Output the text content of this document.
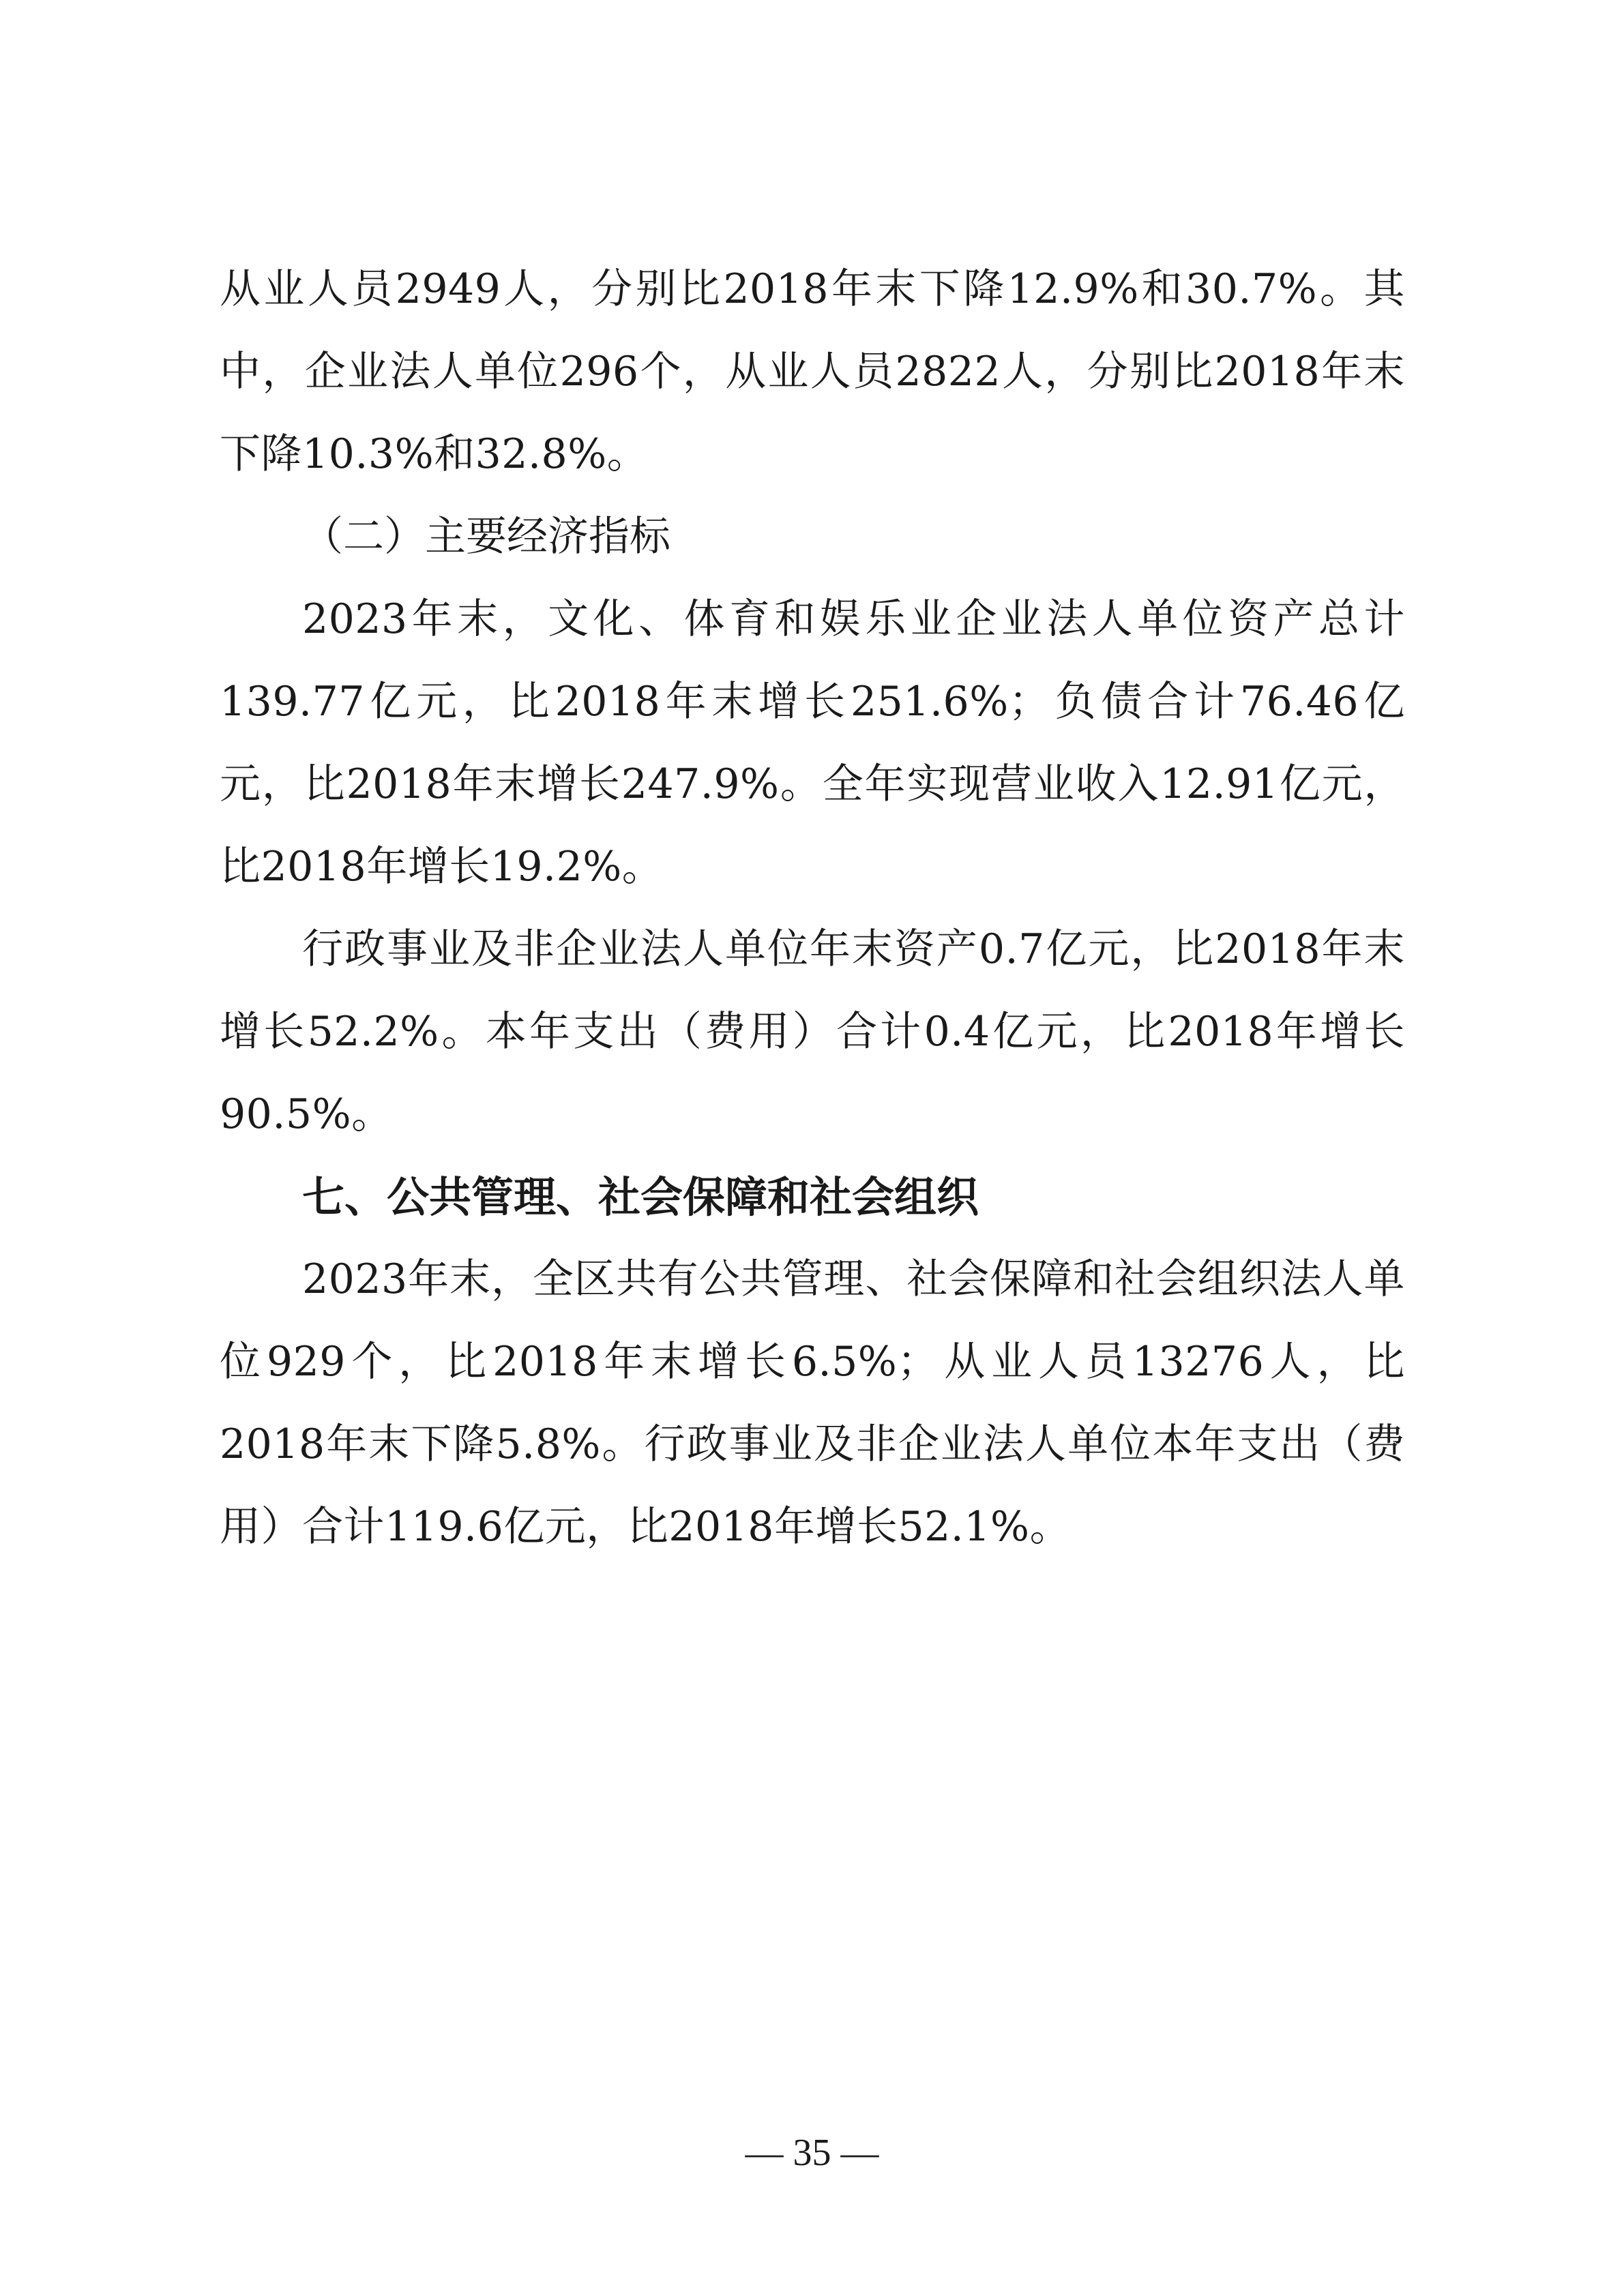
从业人员2949人，分别比2018年末下降12.9%和30.7%。其中，企业法人单位296个，从业人员2822人，分别比2018年末下降10.3%和32.8%。

（二）主要经济指标

2023年末，文化、体育和娱乐业企业法人单位资产总计139.77亿元，比2018年末增长251.6%；负债合计76.46亿元，比2018年末增长247.9%。全年实现营业收入12.91亿元，比2018年增长19.2%。

行政事业及非企业法人单位年末资产0.7亿元，比2018年末增长52.2%。本年支出（费用）合计0.4亿元，比2018年增长90.5%。

七、公共管理、社会保障和社会组织

2023年末，全区共有公共管理、社会保障和社会组织法人单位929个，比2018年末增长6.5%；从业人员13276人，比2018年末下降5.8%。行政事业及非企业法人单位本年支出（费用）合计119.6亿元，比2018年增长52.1%。

— 35 —
